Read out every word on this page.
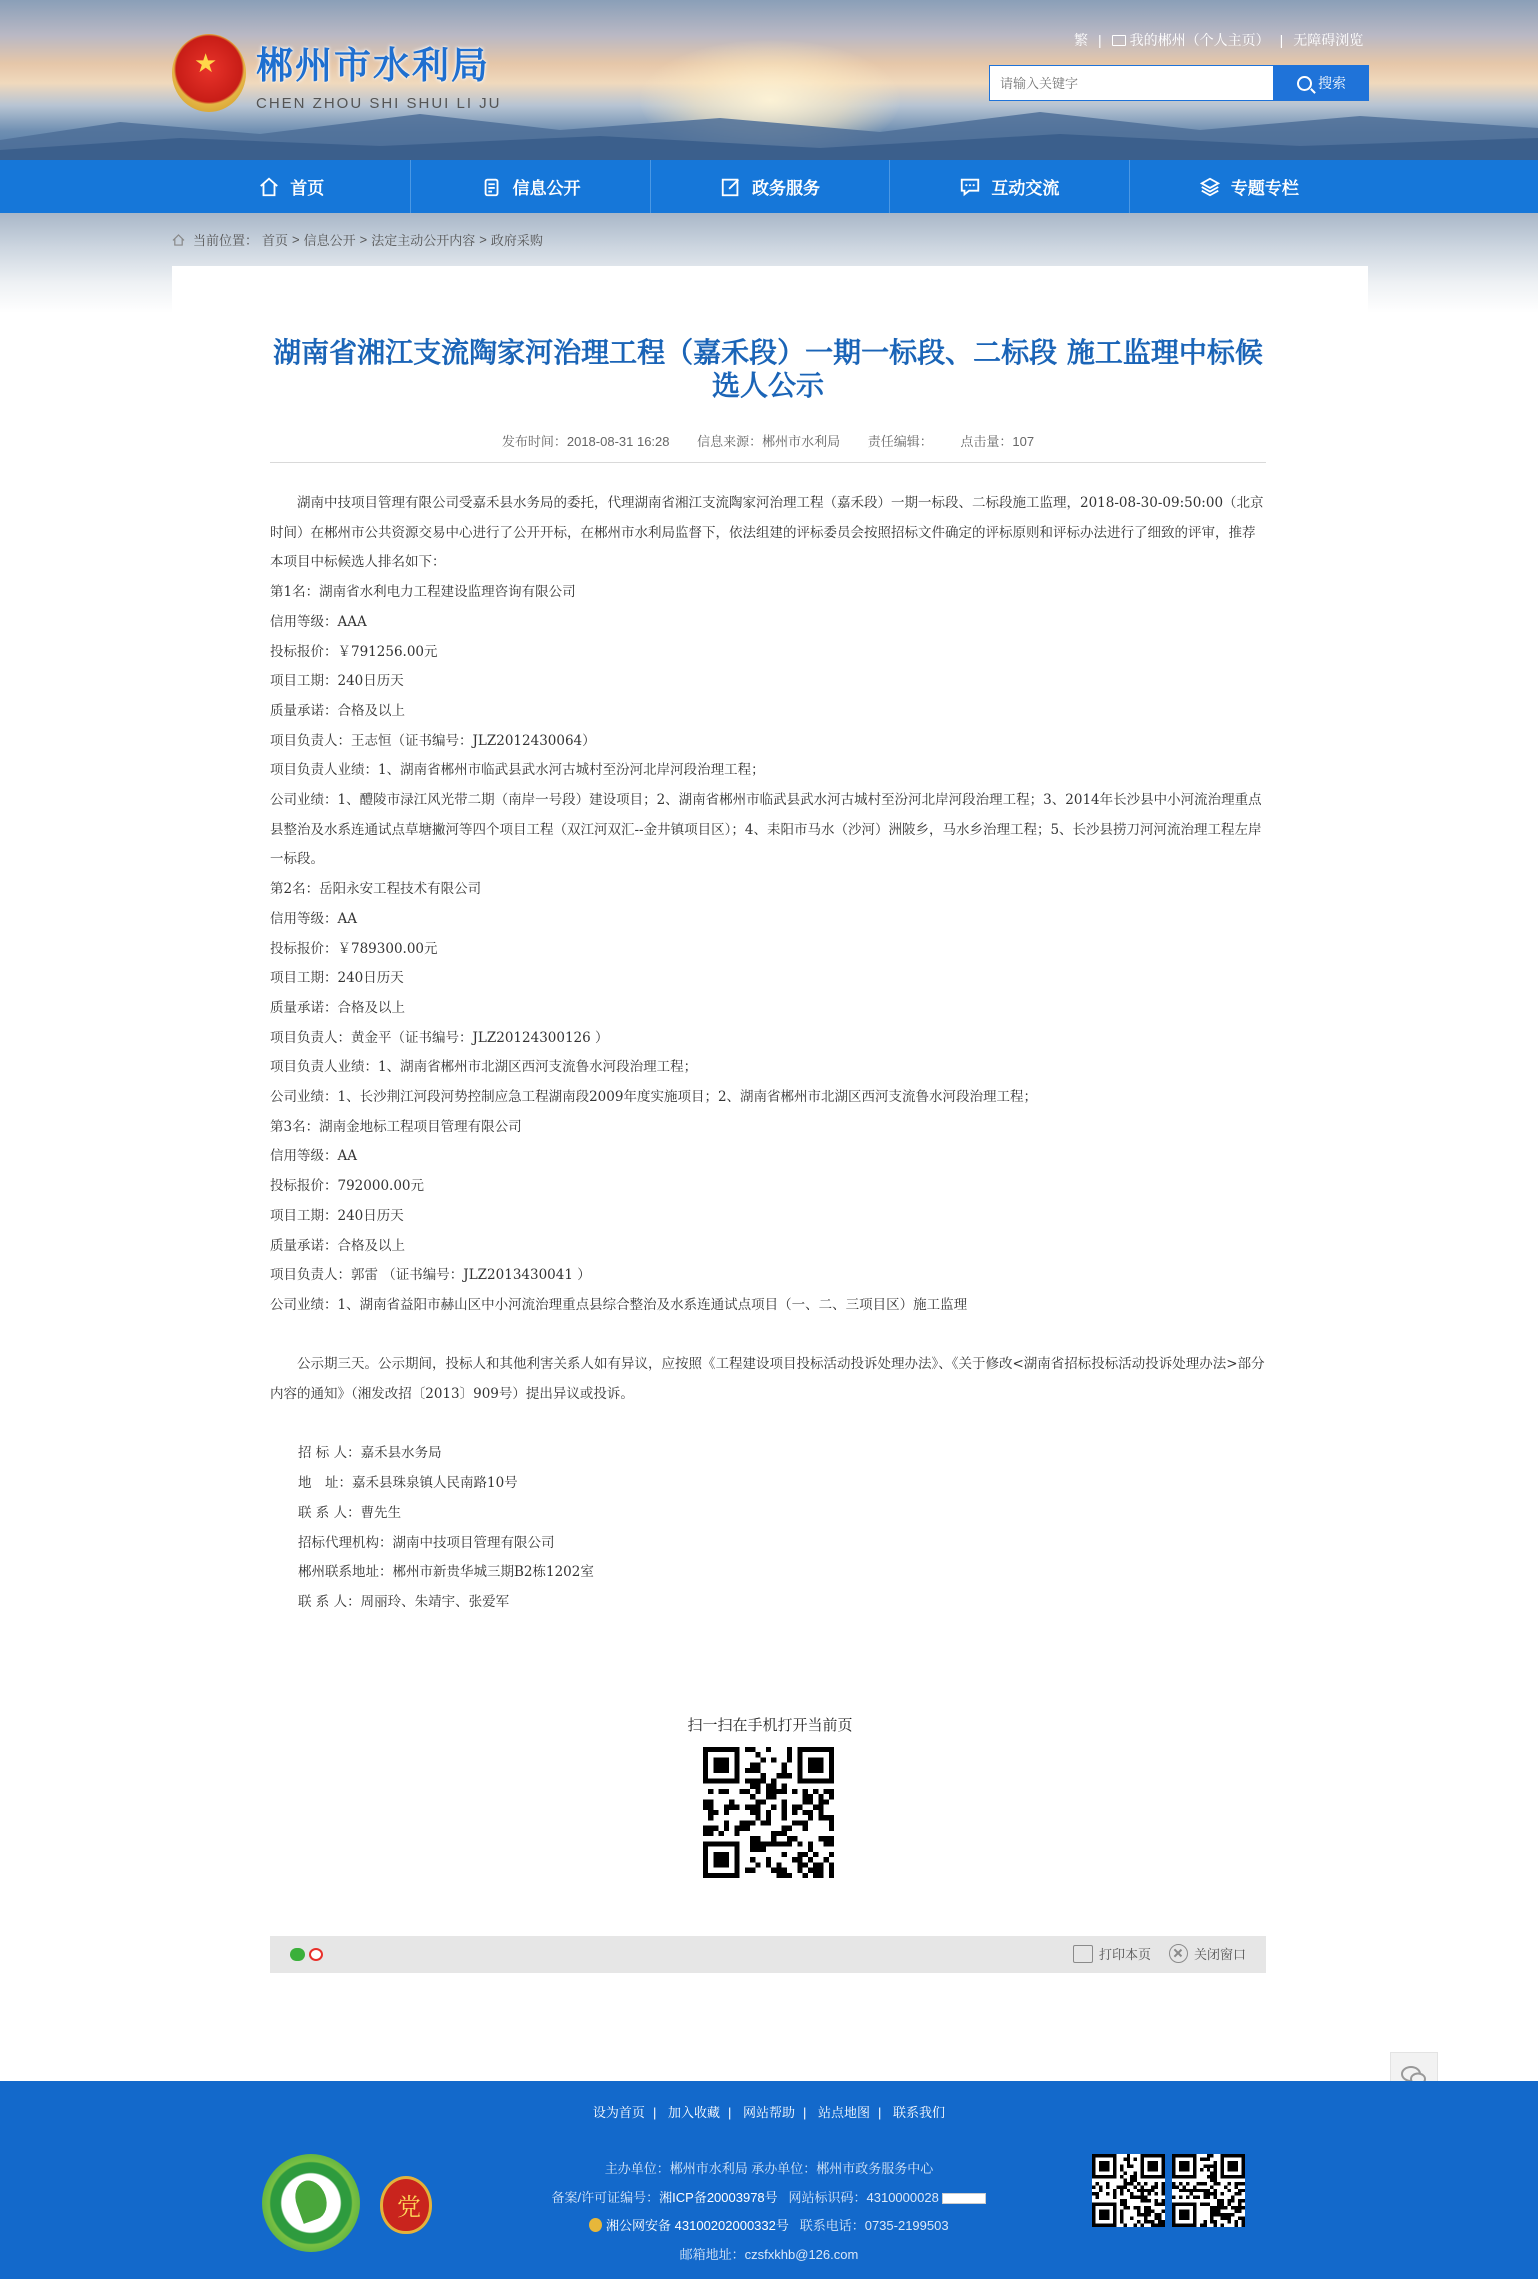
★ 郴州市水利局
CHEN ZHOU SHI SHUI LI JU
繁 |	我的郴州（个人主页） | 无障碍浏览
请输入关键字
搜索
首页	信息公开	政务服务	互动交流	专题专栏
当前位置： 首页 > 信息公开 > 法定主动公开内容 > 政府采购
湖南省湘江支流陶家河治理工程（嘉禾段）一期一标段、二标段 施工监理中标候选人公示
发布时间：2018-08-31 16:28 信息来源：郴州市水利局 责任编辑： 点击量：107

湖南中技项目管理有限公司受嘉禾县水务局的委托，代理湖南省湘江支流陶家河治理工程（嘉禾段）一期一标段、二标段施工监理，2018-08-30-09:50:00（北京时间）在郴州市公共资源交易中心进行了公开开标，在郴州市水利局监督下，依法组建的评标委员会按照招标文件确定的评标原则和评标办法进行了细致的评审，推荐本项目中标候选人排名如下：

第1名：湖南省水利电力工程建设监理咨询有限公司

信用等级：AAA

投标报价：￥791256.00元

项目工期：240日历天

质量承诺：合格及以上

项目负责人：王志恒（证书编号：JLZ2012430064）

项目负责人业绩：1、湖南省郴州市临武县武水河古城村至汾河北岸河段治理工程；

公司业绩：1、醴陵市渌江风光带二期（南岸一号段）建设项目；2、湖南省郴州市临武县武水河古城村至汾河北岸河段治理工程；3、2014年长沙县中小河流治理重点县整治及水系连通试点草塘撇河等四个项目工程（双江河双汇--金井镇项目区）；4、耒阳市马水（沙河）洲陂乡，马水乡治理工程；5、长沙县捞刀河河流治理工程左岸一标段。

第2名：岳阳永安工程技术有限公司

信用等级：AA

投标报价：￥789300.00元

项目工期：240日历天

质量承诺：合格及以上

项目负责人：黄金平（证书编号：JLZ20124300126 ）

项目负责人业绩：1、湖南省郴州市北湖区西河支流鲁水河段治理工程；

公司业绩：1、长沙荆江河段河势控制应急工程湖南段2009年度实施项目；2、湖南省郴州市北湖区西河支流鲁水河段治理工程；

第3名：湖南金地标工程项目管理有限公司

信用等级：AA

投标报价：792000.00元

项目工期：240日历天

质量承诺：合格及以上

项目负责人：郭雷 （证书编号：JLZ2013430041 ）

公司业绩：1、湖南省益阳市赫山区中小河流治理重点县综合整治及水系连通试点项目（一、二、三项目区）施工监理

公示期三天。公示期间，投标人和其他利害关系人如有异议，应按照《工程建设项目投标活动投诉处理办法》、《关于修改<湖南省招标投标活动投诉处理办法>部分内容的通知》（湘发改招〔2013〕909号）提出异议或投诉。

招 标 人：嘉禾县水务局

地　址：嘉禾县珠泉镇人民南路10号

联 系 人：曹先生

招标代理机构：湖南中技项目管理有限公司

郴州联系地址：郴州市新贵华城三期B2栋1202室

联 系 人：周丽玲、朱靖宇、张爱军

扫一扫在手机打开当前页
打印本页	关闭窗口
设为首页 | 加入收藏 | 网站帮助 | 站点地图 | 联系我们
主办单位：郴州市水利局 承办单位：郴州市政务服务中心
备案/许可证编号：湘ICP备20003978号 网站标识码：4310000028
湘公网安备 43100202000332号 联系电话：0735-2199503
邮箱地址：czsfxkhb@126.com
党
